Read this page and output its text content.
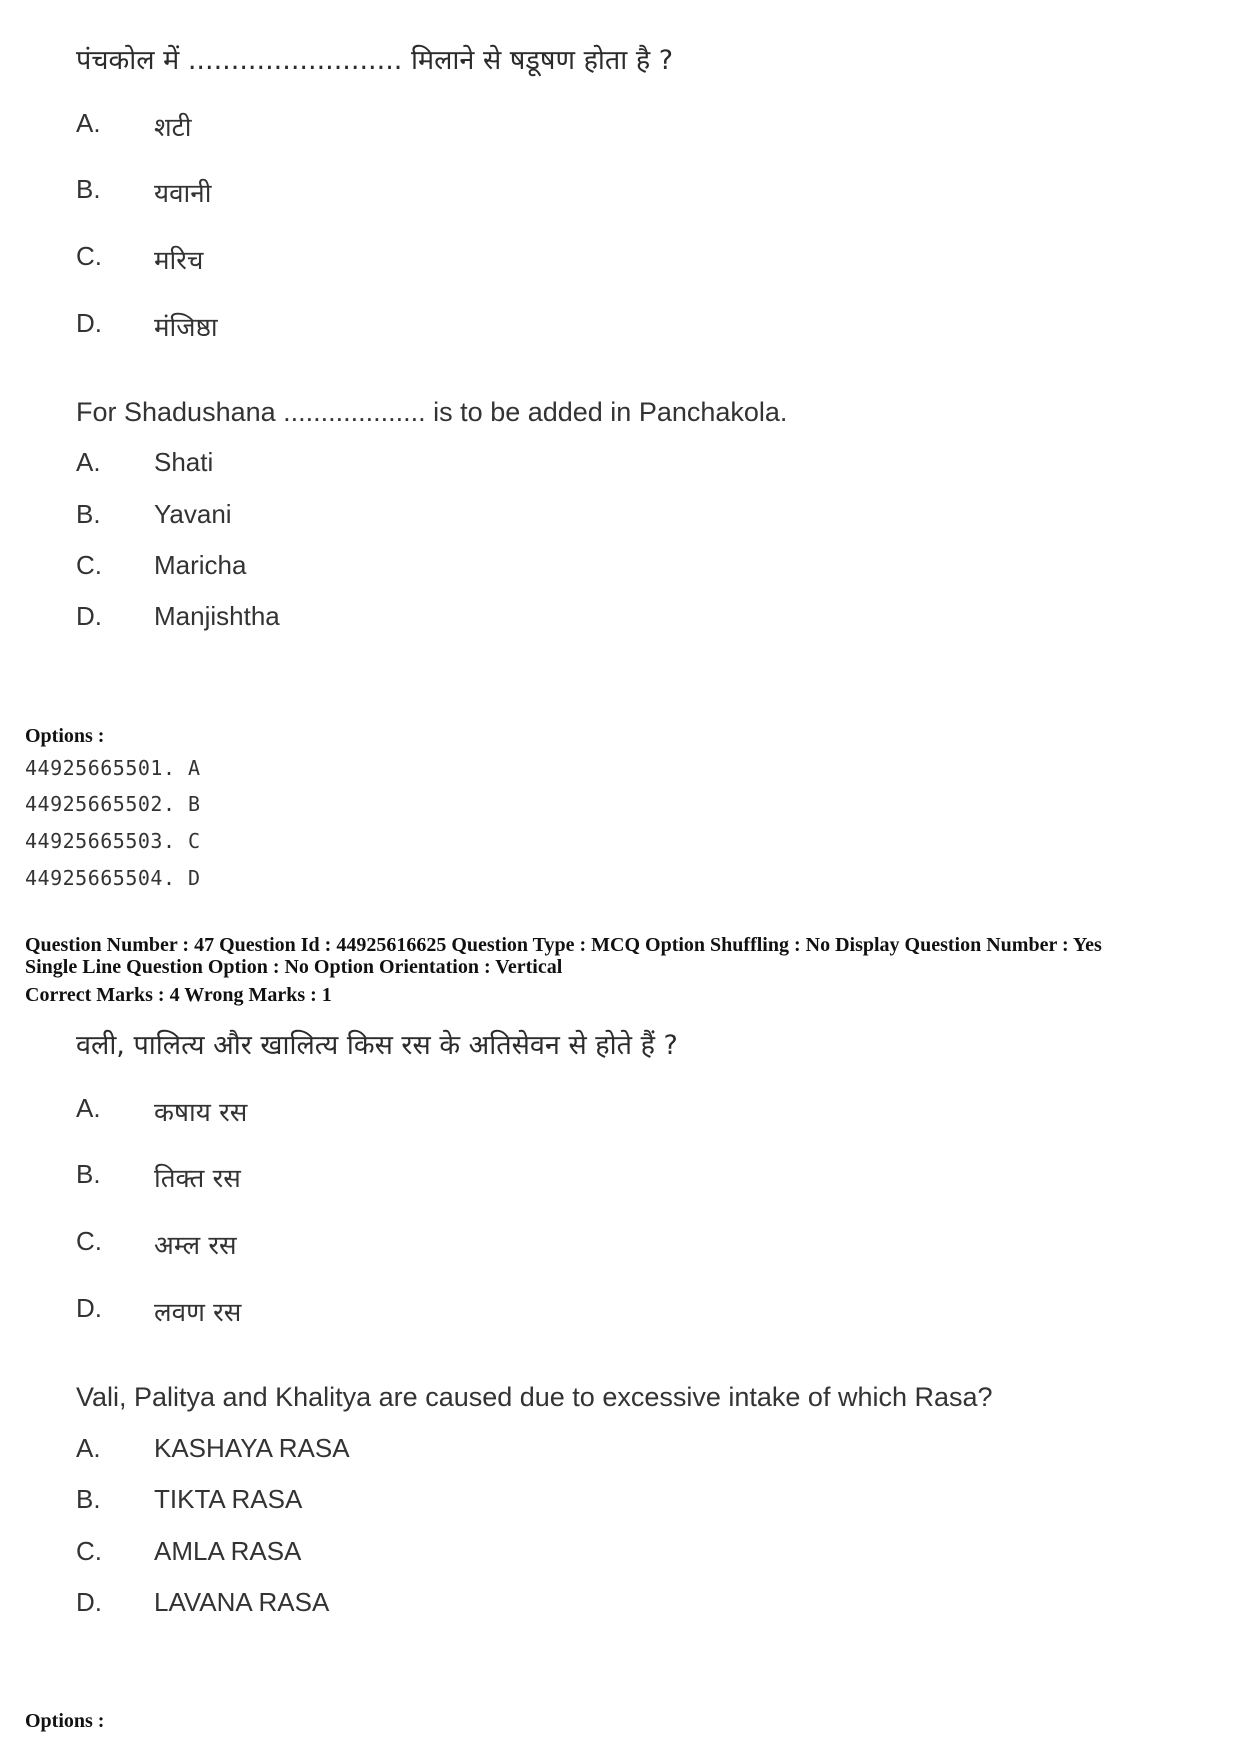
पंचकोल में ......................... मिलाने से षडूषण होता है ?
A. शटी
B. यवानी
C. मरिच
D. मंजिष्ठा
For Shadushana ................... is to be added in Panchakola.
A. Shati
B. Yavani
C. Maricha
D. Manjishtha
Options :
44925665501. A
44925665502. B
44925665503. C
44925665504. D
Question Number : 47 Question Id : 44925616625 Question Type : MCQ Option Shuffling : No Display Question Number : Yes
Single Line Question Option : No Option Orientation : Vertical
Correct Marks : 4 Wrong Marks : 1
वली, पालित्य और खालित्य किस रस के अतिसेवन से होते हैं ?
A. कषाय रस
B. तिक्त रस
C. अम्ल रस
D. लवण रस
Vali, Palitya and Khalitya are caused due to excessive intake of which Rasa?
A. KASHAYA RASA
B. TIKTA RASA
C. AMLA RASA
D. LAVANA RASA
Options :
